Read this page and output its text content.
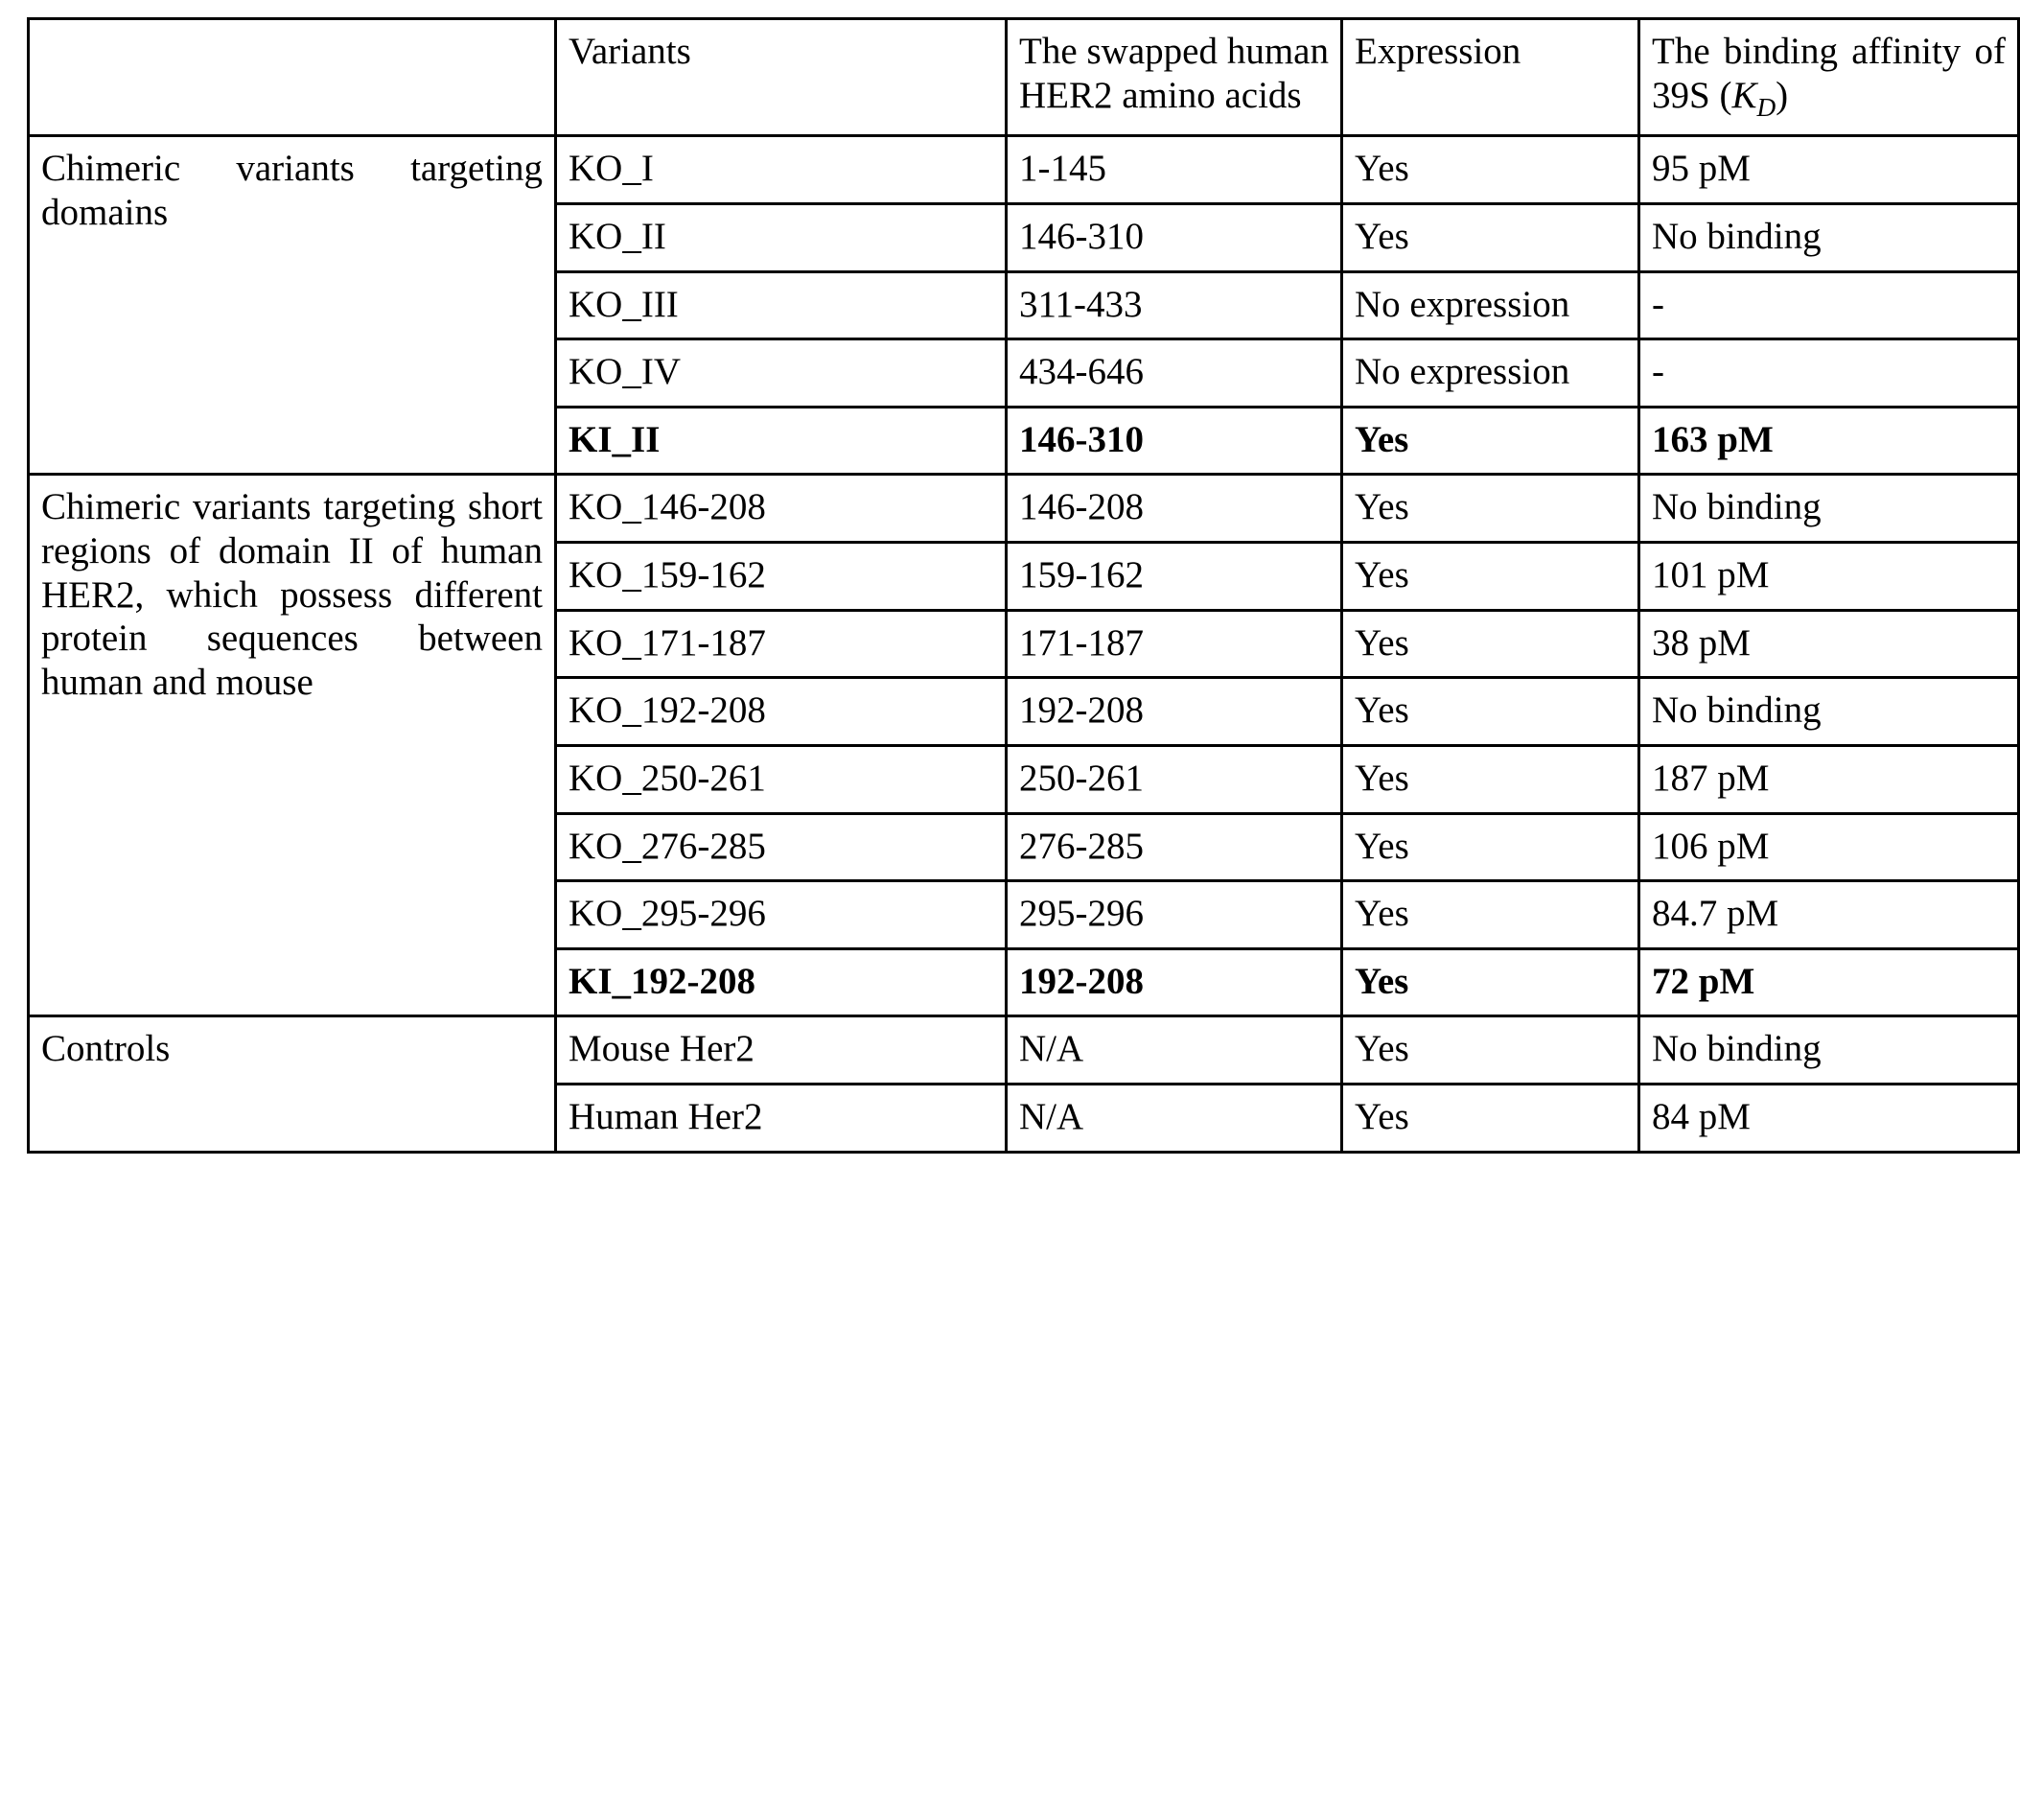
	Variants	The swapped human HER2 amino acids	Expression	The binding affinity of 39S $(K_D)$
Chimeric variants targeting domains	KO_I	1-145	Yes	95 pM
	KO_II	146-310	Yes	No binding
	KO_III	311-433	No expression	-
	KO_IV	434-646	No expression	-
	KI_II	146-310	Yes	163 pM
Chimeric variants targeting short regions of domain II of human HER2, which possess different protein sequences between human and mouse	KO_146-208	146-208	Yes	No binding
	KO_159-162	159-162	Yes	101 pM
	KO_171-187	171-187	Yes	38 pM
	KO_192-208	192-208	Yes	No binding
	KO_250-261	250-261	Yes	187 pM
	KO_276-285	276-285	Yes	106 pM
	KO_295-296	295-296	Yes	84.7 pM
	KI_192-208	192-208	Yes	72 pM
Controls	Mouse Her2	N/A	Yes	No binding
	Human Her2	N/A	Yes	84 pM
